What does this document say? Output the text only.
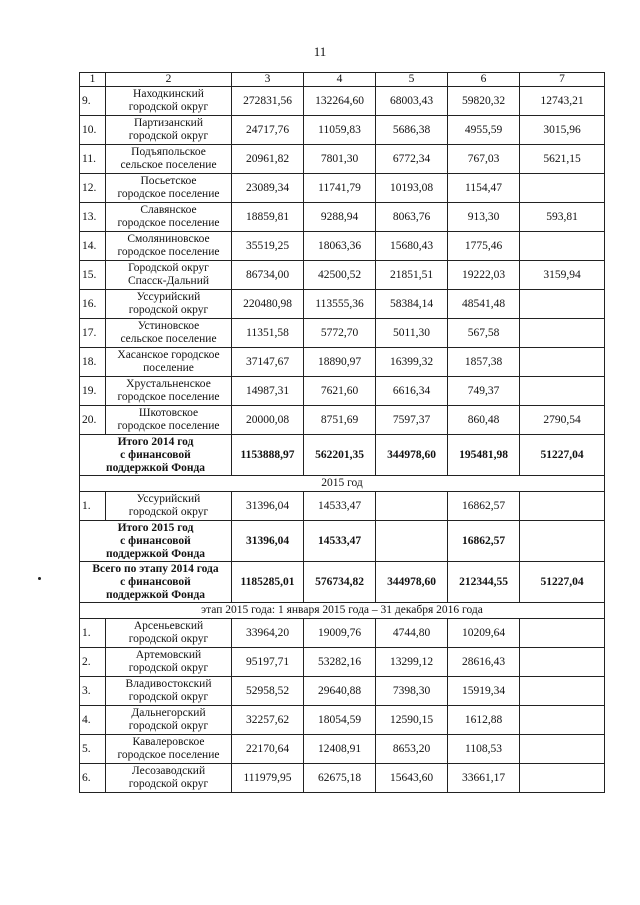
11
1	2	3	4	5	6	7
9.	Находкинский
городской округ	272831,56	132264,60	68003,43	59820,32	12743,21
10.	Партизанский
городской округ	24717,76	11059,83	5686,38	4955,59	3015,96
11.	Подъяпольское
сельское поселение	20961,82	7801,30	6772,34	767,03	5621,15
12.	Посьетское
городское поселение	23089,34	11741,79	10193,08	1154,47	
13.	Славянское
городское поселение	18859,81	9288,94	8063,76	913,30	593,81
14.	Смоляниновское
городское поселение	35519,25	18063,36	15680,43	1775,46	
15.	Городской округ
Спасск-Дальний	86734,00	42500,52	21851,51	19222,03	3159,94
16.	Уссурийский
городской округ	220480,98	113555,36	58384,14	48541,48	
17.	Устиновское
сельское поселение	11351,58	5772,70	5011,30	567,58	
18.	Хасанское городское
поселение	37147,67	18890,97	16399,32	1857,38	
19.	Хрустальненское
городское поселение	14987,31	7621,60	6616,34	749,37	
20.	Шкотовское
городское поселение	20000,08	8751,69	7597,37	860,48	2790,54
Итого 2014 год
с финансовой
поддержкой Фонда		1153888,97	562201,35	344978,60	195481,98	51227,04
2015 год						
1.	Уссурийский
городской округ	31396,04	14533,47		16862,57	
Итого 2015 год
с финансовой
поддержкой Фонда		31396,04	14533,47		16862,57	
Всего по этапу 2014 года
с финансовой
поддержкой Фонда		1185285,01	576734,82	344978,60	212344,55	51227,04
этап 2015 года: 1 января 2015 года – 31 декабря 2016 года						
1.	Арсеньевский
городской округ	33964,20	19009,76	4744,80	10209,64	
2.	Артемовский
городской округ	95197,71	53282,16	13299,12	28616,43	
3.	Владивостокский
городской округ	52958,52	29640,88	7398,30	15919,34	
4.	Дальнегорский
городской округ	32257,62	18054,59	12590,15	1612,88	
5.	Кавалеровское
городское поселение	22170,64	12408,91	8653,20	1108,53	
6.	Лесозаводский
городской округ	111979,95	62675,18	15643,60	33661,17	
